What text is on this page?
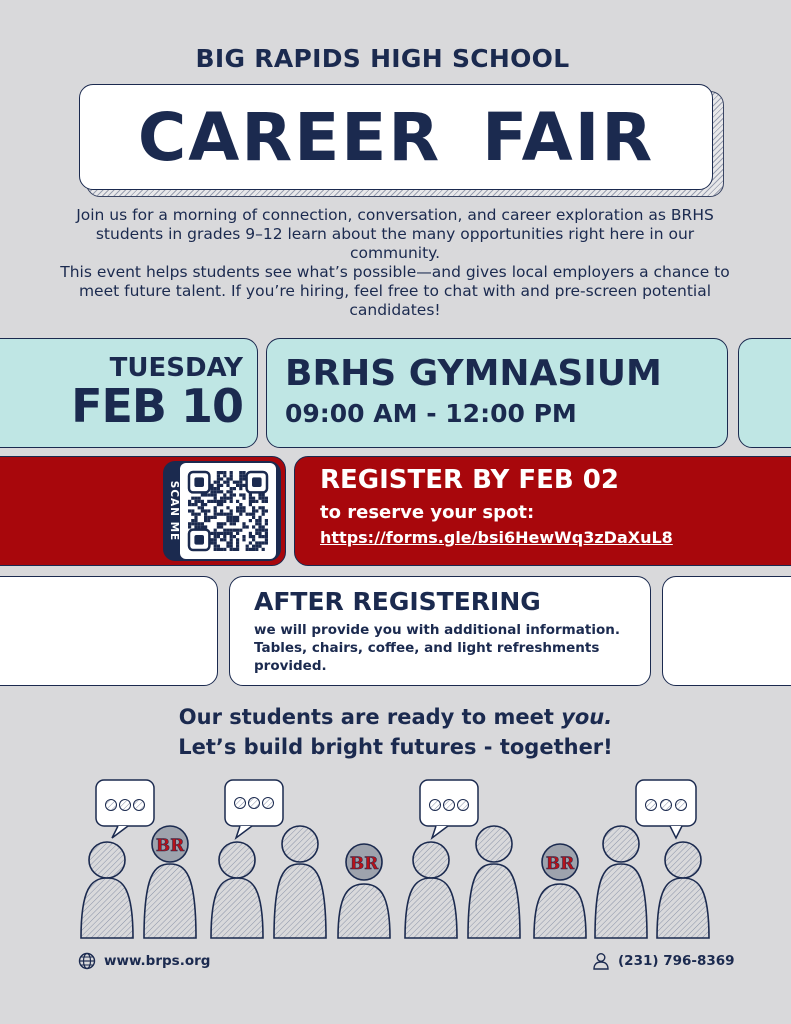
BIG RAPIDS HIGH SCHOOL
CAREER FAIR

Join us for a morning of connection, conversation, and career exploration as BRHS students in grades 9–12 learn about the many opportunities right here in our community.

This event helps students see what’s possible—and gives local employers a chance to meet future talent. If you’re hiring, feel free to chat with and pre-screen potential candidates!

TUESDAY
FEB 10
BRHS GYMNASIUM
09:00 AM - 12:00 PM
SCAN ME
REGISTER BY FEB 02
to reserve your spot:
https://forms.gle/bsi6HewWq3zDaXuL8
AFTER REGISTERING
we will provide you with additional information. Tables, chairs, coffee, and light refreshments provided.
Our students are ready to meet you.
Let’s build bright futures - together!
BR
BR	BR
www.brps.org	(231) 796-8369
